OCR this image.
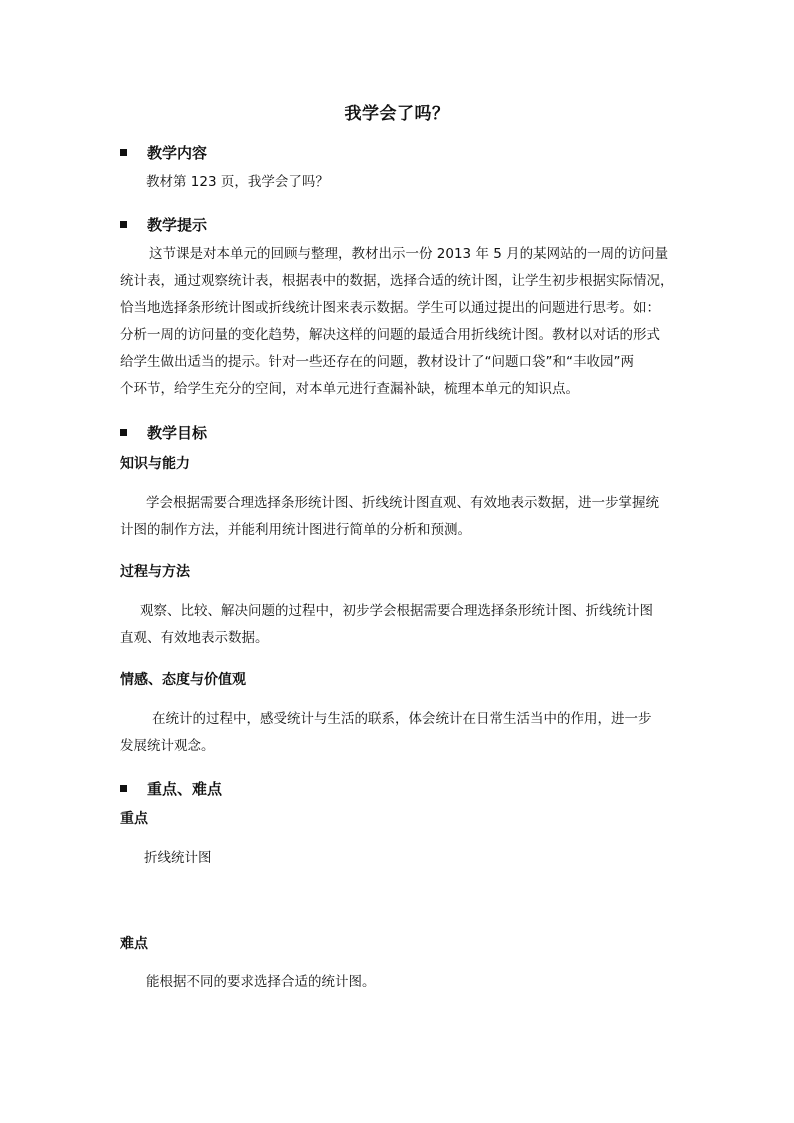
我学会了吗？
教学内容
教材第 123 页，我学会了吗？
教学提示
这节课是对本单元的回顾与整理，教材出示一份 2013 年 5 月的某网站的一周的访问量
统计表，通过观察统计表，根据表中的数据，选择合适的统计图，让学生初步根据实际情况，
恰当地选择条形统计图或折线统计图来表示数据。学生可以通过提出的问题进行思考。如：
分析一周的访问量的变化趋势，解决这样的问题的最适合用折线统计图。教材以对话的形式
给学生做出适当的提示。针对一些还存在的问题，教材设计了“问题口袋”和“丰收园”两
个环节，给学生充分的空间，对本单元进行查漏补缺，梳理本单元的知识点。
教学目标
知识与能力
学会根据需要合理选择条形统计图、折线统计图直观、有效地表示数据，进一步掌握统
计图的制作方法，并能利用统计图进行简单的分析和预测。
过程与方法
观察、比较、解决问题的过程中，初步学会根据需要合理选择条形统计图、折线统计图
直观、有效地表示数据。
情感、态度与价值观
在统计的过程中，感受统计与生活的联系，体会统计在日常生活当中的作用，进一步
发展统计观念。
重点、难点
重点
折线统计图
难点
能根据不同的要求选择合适的统计图。
